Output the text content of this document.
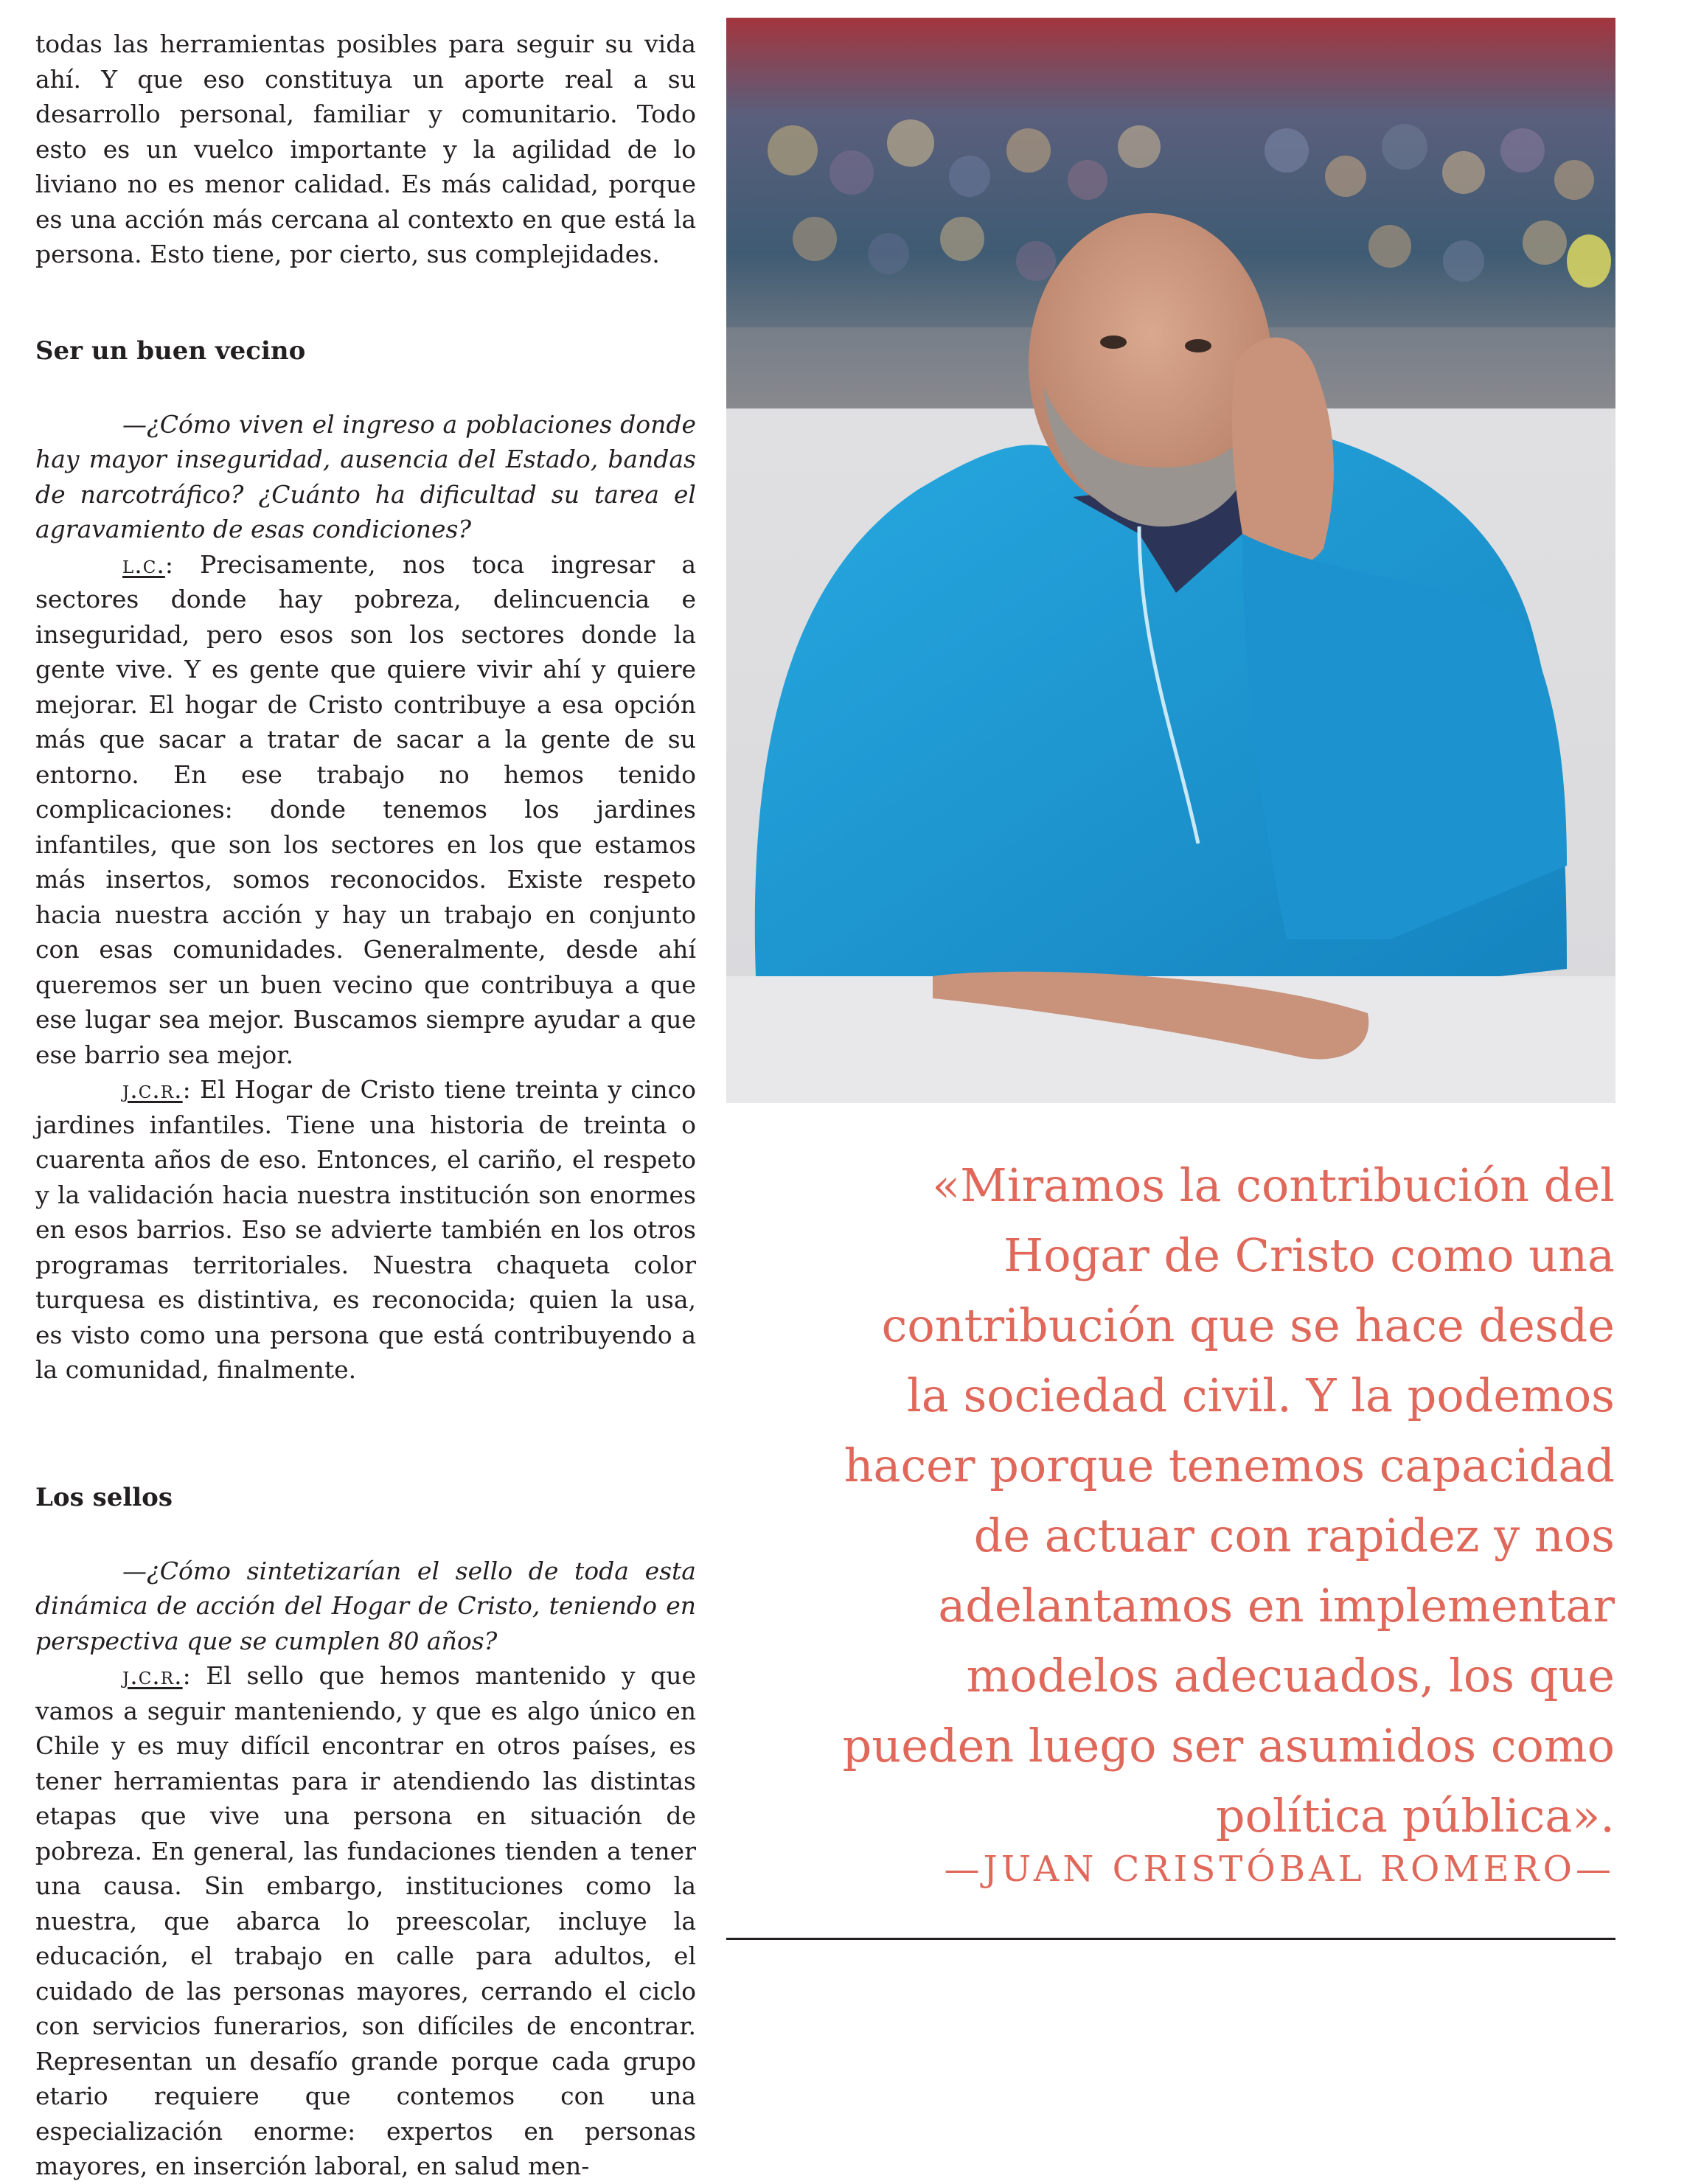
todas las herramientas posibles para seguir su vida ahí. Y que eso constituya un aporte real a su desarrollo personal, familiar y comunitario. Todo esto es un vuelco importante y la agilidad de lo liviano no es menor calidad. Es más calidad, porque es una acción más cercana al contexto en que está la persona. Esto tiene, por cierto, sus complejidades.

Ser un buen vecino

—¿Cómo viven el ingreso a poblaciones donde hay mayor inseguridad, ausencia del Estado, bandas de narcotráfico? ¿Cuánto ha dificultad su tarea el agravamiento de esas condiciones?

l.c.: Precisamente, nos toca ingresar a sectores donde hay pobreza, delincuencia e inseguridad, pero esos son los sectores donde la gente vive. Y es gente que quiere vivir ahí y quiere mejorar. El hogar de Cristo contribuye a esa opción más que sacar a tratar de sacar a la gente de su entorno. En ese trabajo no hemos tenido complicaciones: donde tenemos los jardines infantiles, que son los sectores en los que estamos más insertos, somos reconocidos. Existe respeto hacia nuestra acción y hay un trabajo en conjunto con esas comunidades. Generalmente, desde ahí queremos ser un buen vecino que contribuya a que ese lugar sea mejor. Buscamos siempre ayudar a que ese barrio sea mejor.

j.c.r.: El Hogar de Cristo tiene treinta y cinco jardines infantiles. Tiene una historia de treinta o cuarenta años de eso. Entonces, el cariño, el respeto y la validación hacia nuestra institución son enormes en esos barrios. Eso se advierte también en los otros programas territoriales. Nuestra chaqueta color turquesa es distintiva, es reconocida; quien la usa, es visto como una persona que está contribuyendo a la comunidad, finalmente.

Los sellos

—¿Cómo sintetizarían el sello de toda esta dinámica de acción del Hogar de Cristo, teniendo en perspectiva que se cumplen 80 años?

j.c.r.: El sello que hemos mantenido y que vamos a seguir manteniendo, y que es algo único en Chile y es muy difícil encontrar en otros países, es tener herramientas para ir atendiendo las distintas etapas que vive una persona en situación de pobreza. En general, las fundaciones tienden a tener una causa. Sin embargo, instituciones como la nuestra, que abarca lo preescolar, incluye la educación, el trabajo en calle para adultos, el cuidado de las personas mayores, cerrando el ciclo con servicios funerarios, son difíciles de encontrar. Representan un desafío grande porque cada grupo etario requiere que contemos con una especialización enorme: expertos en personas mayores, en inserción laboral, en salud men-

«Miramos la contribución del
Hogar de Cristo como una
contribución que se hace desde
la sociedad civil. Y la podemos
hacer porque tenemos capacidad
de actuar con rapidez y nos
adelantamos en implementar
modelos adecuados, los que
pueden luego ser asumidos como
política pública».
—JUAN CRISTÓBAL ROMERO—
